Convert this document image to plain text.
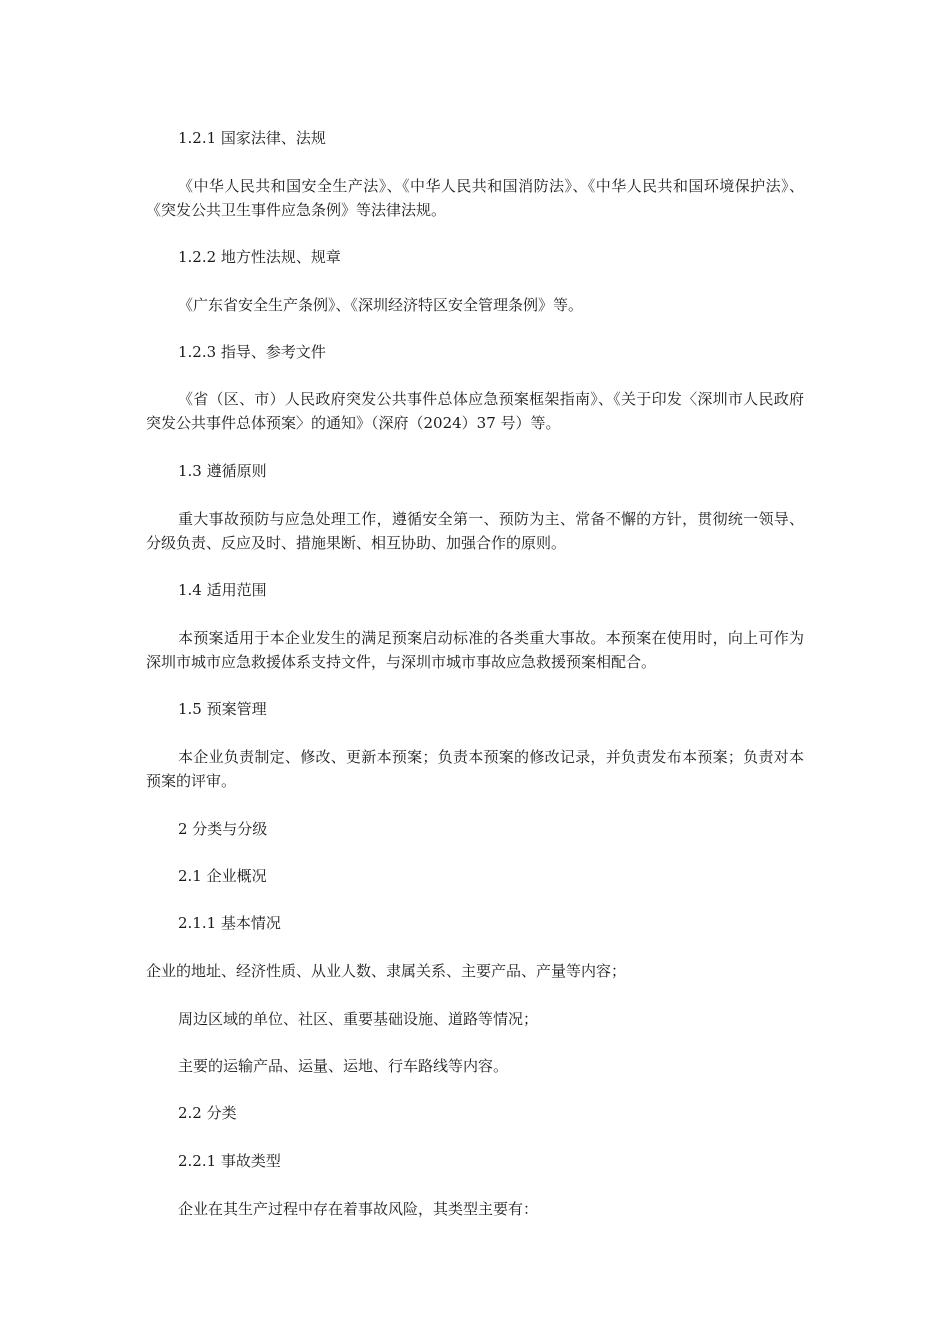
1.2.1 国家法律、法规
《中华人民共和国安全生产法》、《中华人民共和国消防法》、《中华人民共和国环境保护法》、《突发公共卫生事件应急条例》等法律法规。
1.2.2 地方性法规、规章
《广东省安全生产条例》、《深圳经济特区安全管理条例》等。
1.2.3 指导、参考文件
《省（区、市）人民政府突发公共事件总体应急预案框架指南》、《关于印发〈深圳市人民政府突发公共事件总体预案〉的通知》（深府（2024）37 号）等。
1.3 遵循原则
重大事故预防与应急处理工作，遵循安全第一、预防为主、常备不懈的方针，贯彻统一领导、分级负责、反应及时、措施果断、相互协助、加强合作的原则。
1.4 适用范围
本预案适用于本企业发生的满足预案启动标准的各类重大事故。本预案在使用时，向上可作为深圳市城市应急救援体系支持文件，与深圳市城市事故应急救援预案相配合。
1.5 预案管理
本企业负责制定、修改、更新本预案；负责本预案的修改记录，并负责发布本预案；负责对本预案的评审。
2 分类与分级
2.1 企业概况
2.1.1 基本情况
企业的地址、经济性质、从业人数、隶属关系、主要产品、产量等内容；
周边区域的单位、社区、重要基础设施、道路等情况；
主要的运输产品、运量、运地、行车路线等内容。
2.2 分类
2.2.1 事故类型
企业在其生产过程中存在着事故风险，其类型主要有：
